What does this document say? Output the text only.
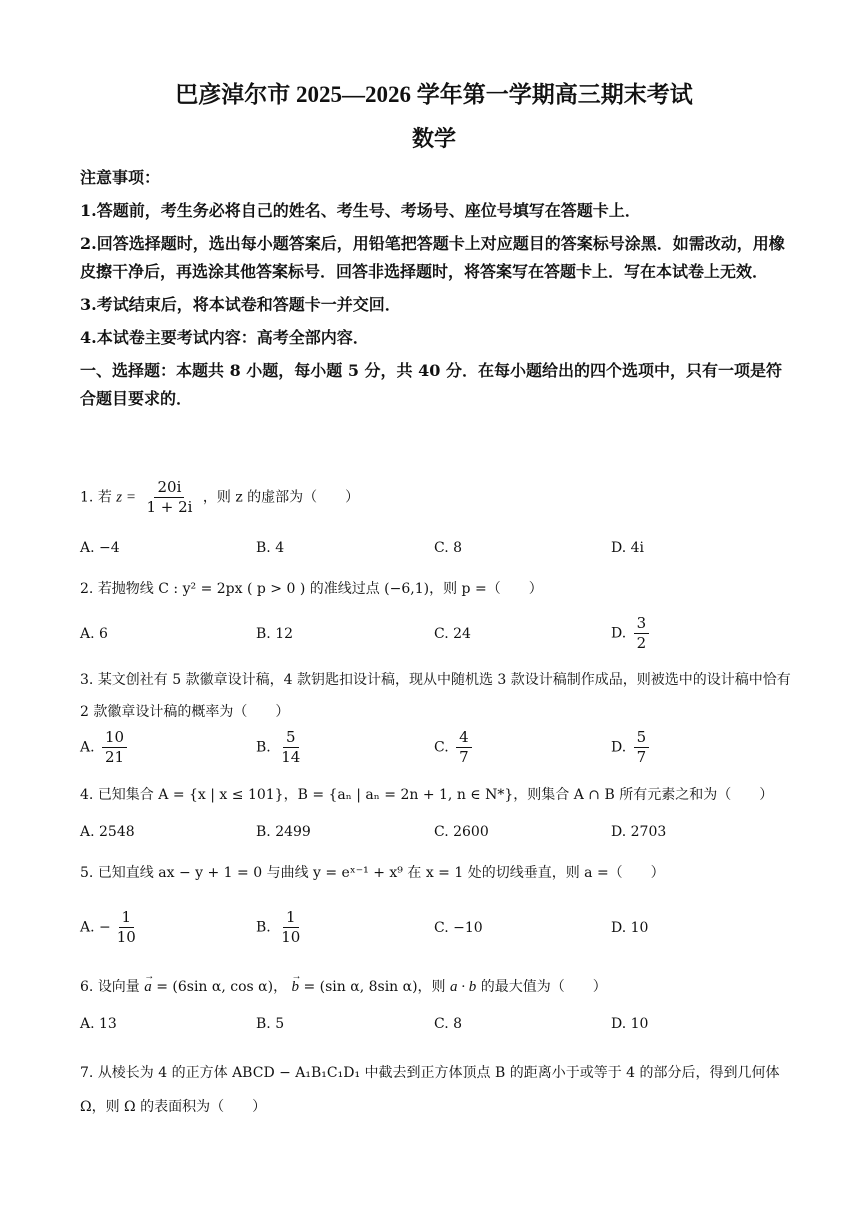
巴彦淖尔市 2025—2026 学年第一学期高三期末考试
数学

注意事项：

1.答题前，考生务必将自己的姓名、考生号、考场号、座位号填写在答题卡上．

2.回答选择题时，选出每小题答案后，用铅笔把答题卡上对应题目的答案标号涂黑．如需改动，用橡皮擦干净后，再选涂其他答案标号．回答非选择题时，将答案写在答题卡上．写在本试卷上无效．

3.考试结束后，将本试卷和答题卡一并交回．

4.本试卷主要考试内容：高考全部内容．

一、选择题：本题共 8 小题，每小题 5 分，共 40 分．在每小题给出的四个选项中，只有一项是符合题目要求的．

1. 若 $z = \frac{20i}{1 + 2i}$ ，则 z 的虚部为（　　）
A. −4	B. 4	C. 8	D. 4i
2. 若抛物线 C : y² = 2px ( p > 0 ) 的准线过点 (−6,1)，则 p =（　　）
A. 6	B. 12	C. 24	D. $\frac{3}{2}$
3. 某文创社有 5 款徽章设计稿，4 款钥匙扣设计稿，现从中随机选 3 款设计稿制作成品，则被选中的设计稿中恰有 2 款徽章设计稿的概率为（　　）
A. $\frac{10}{21}$	B. $\frac{5}{14}$	C. $\frac{4}{7}$	D. $\frac{5}{7}$
4. 已知集合 A = {x | x ≤ 101}，B = {aₙ | aₙ = 2n + 1, n ∈ N*}，则集合 A ∩ B 所有元素之和为（　　）
A. 2548	B. 2499	C. 2600	D. 2703
5. 已知直线 ax − y + 1 = 0 与曲线 y = eˣ⁻¹ + x⁹ 在 x = 1 处的切线垂直，则 a =（　　）
A. − $\frac{1}{10}$	B. $\frac{1}{10}$	C. −10	D. 10
6. 设向量 → a = (6sin α, cos α)， → b = (sin α, 8sin α)，则 a · b 的最大值为（　　）
A. 13	B. 5	C. 8	D. 10
7. 从棱长为 4 的正方体 ABCD − A₁B₁C₁D₁ 中截去到正方体顶点 B 的距离小于或等于 4 的部分后，得到几何体 Ω，则 Ω 的表面积为（　　）
